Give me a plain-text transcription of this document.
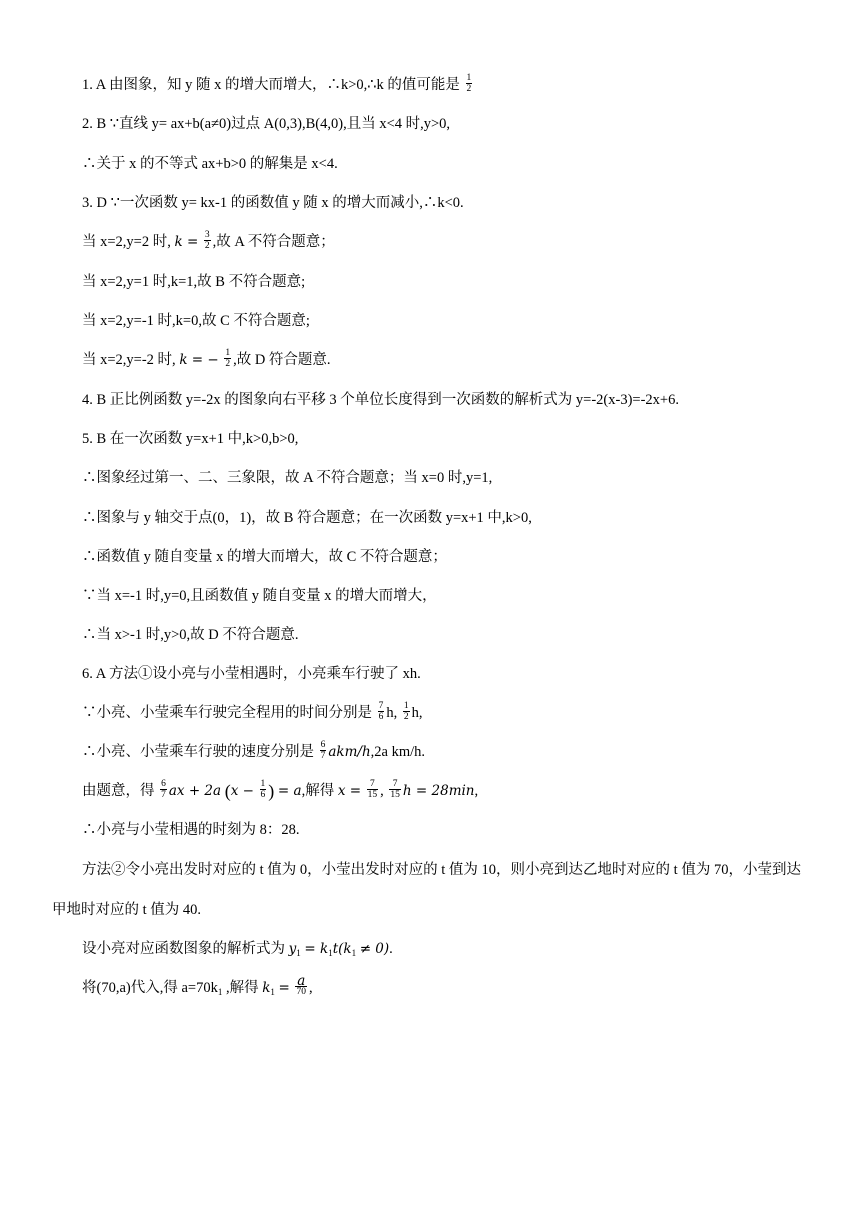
1. A 由图象，知 y 随 x 的增大而增大，∴k>0,∴k 的值可能是 $\frac{1}{2}$
2. B ∵直线 y= ax+b(a≠0)过点 A(0,3),B(4,0),且当 x<4 时,y>0,
∴关于 x 的不等式 ax+b>0 的解集是 x<4.
3. D ∵一次函数 y= kx-1 的函数值 y 随 x 的增大而减小,∴k<0.
当 x=2,y=2 时, $k = \frac{3}{2}$ ,故 A 不符合题意；
当 x=2,y=1 时,k=1,故 B 不符合题意;
当 x=2,y=-1 时,k=0,故 C 不符合题意;
当 x=2,y=-2 时, k = − $\frac{1}{2}$ ,故 D 符合题意.
4. B 正比例函数 y=-2x 的图象向右平移 3 个单位长度得到一次函数的解析式为 y=-2(x-3)=-2x+6.
5. B 在一次函数 y=x+1 中,k>0,b>0,
∴图象经过第一、二、三象限，故 A 不符合题意；当 x=0 时,y=1,
∴图象与 y 轴交于点(0，1)，故 B 符合题意；在一次函数 y=x+1 中,k>0,
∴函数值 y 随自变量 x 的增大而增大，故 C 不符合题意；
∵当 x=-1 时,y=0,且函数值 y 随自变量 x 的增大而增大，
∴当 x>-1 时,y>0,故 D 不符合题意.
6. A 方法①设小亮与小莹相遇时，小亮乘车行驶了 xh.
∵小亮、小莹乘车行驶完全程用的时间分别是 $\frac{7}{6} h$, $\frac{1}{2} h$,
∴小亮、小莹乘车行驶的速度分别是 $\frac{6}{7} akm/h,2a$ km/h.
由题意，得 $\frac{6}{7}$ ax + 2a ($x - \frac{1}{6}$ ) = a,解得 $x = \frac{7}{15}$ , $\frac{7}{15}$ h = 28min,
∴小亮与小莹相遇的时刻为 8：28.
方法②令小亮出发时对应的 t 值为 0，小莹出发时对应的 t 值为 10，则小亮到达乙地时对应的 t 值为 70，小莹到达甲地时对应的 t 值为 40.
设小亮对应函数图象的解析式为 $y_1 = k_1t(k_1 \ne 0)$.
将(70,a)代入,得 $a=70k_1$ ,解得 $k_1 = \frac{a}{70}$ ,
